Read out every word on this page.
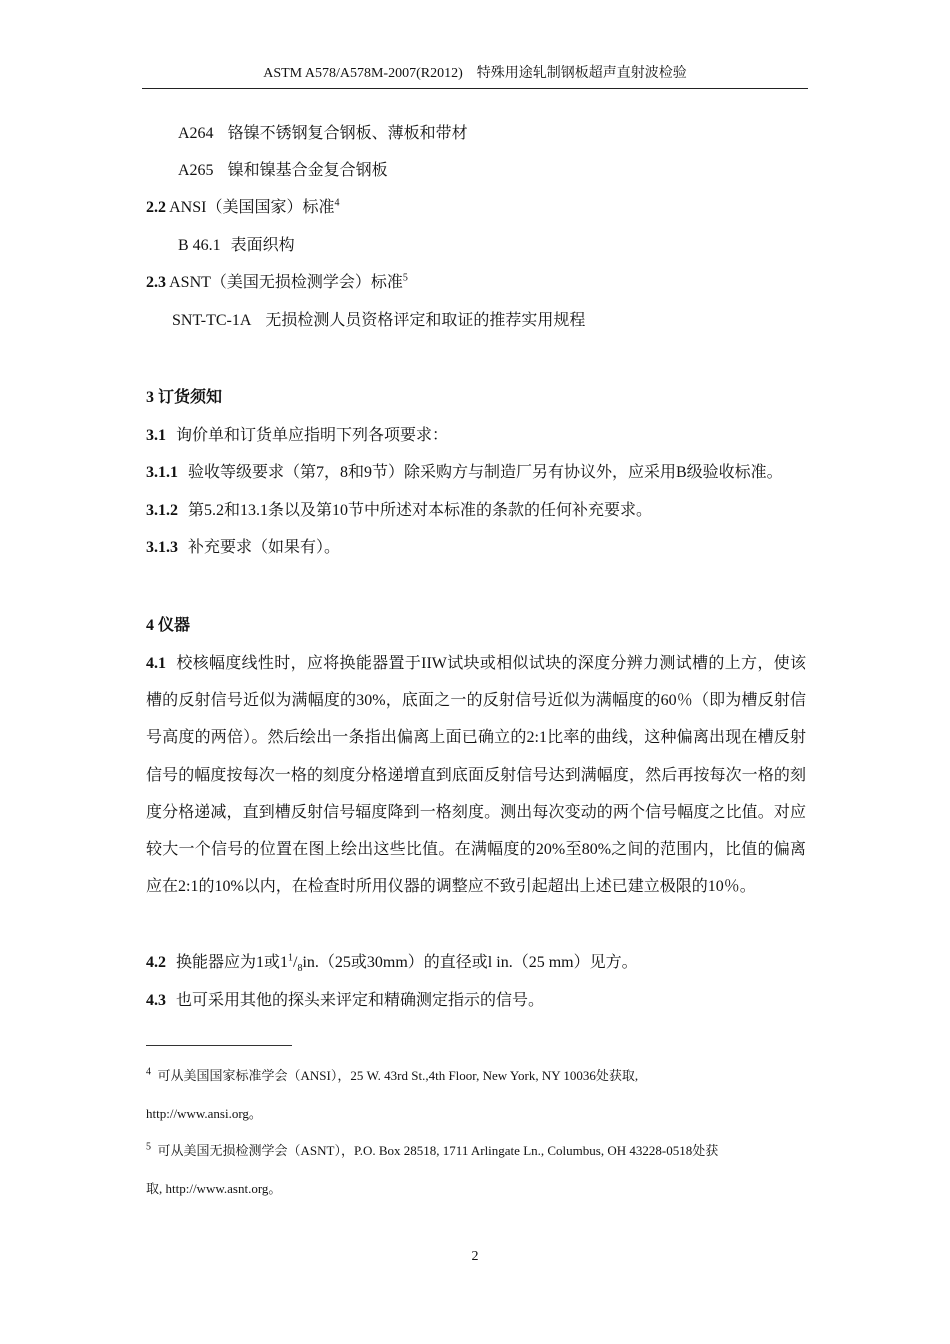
ASTM A578/A578M-2007(R2012) 特殊用途轧制钢板超声直射波检验
A264 铬镍不锈钢复合钢板、薄板和带材
A265 镍和镍基合金复合钢板
2.2 ANSI（美国国家）标准$^4$
B 46.1 表面织构
2.3 ASNT（美国无损检测学会）标准$^5$
SNT-TC-1A 无损检测人员资格评定和取证的推荐实用规程
3 订货须知
3.1 询价单和订货单应指明下列各项要求：
3.1.1 验收等级要求（第7，8和9节）除采购方与制造厂另有协议外，应采用B级验收标准。
3.1.2 第5.2和13.1条以及第10节中所述对本标准的条款的任何补充要求。
3.1.3 补充要求（如果有）。
4 仪器
4.1 校核幅度线性时，应将换能器置于IIW试块或相似试块的深度分辨力测试槽的上方，使该槽的反射信号近似为满幅度的30%，底面之一的反射信号近似为满幅度的60％（即为槽反射信号高度的两倍）。然后绘出一条指出偏离上面已确立的2:1比率的曲线，这种偏离出现在槽反射信号的幅度按每次一格的刻度分格递增直到底面反射信号达到满幅度，然后再按每次一格的刻度分格递减，直到槽反射信号辐度降到一格刻度。测出每次变动的两个信号幅度之比值。对应较大一个信号的位置在图上绘出这些比值。在满幅度的20%至80%之间的范围内，比值的偏离应在2:1的10%以内，在检查时所用仪器的调整应不致引起超出上述已建立极限的10％。
4.2 换能器应为1或$1^1/_8in.(25$或30mm）的直径或l in.（25 mm）见方。
4.3 也可采用其他的探头来评定和精确测定指示的信号。
$^4$ 可从美国国家标准学会（ANSI），25 W. 43rd St.,4th Floor, New York, NY 10036处获取,
http://www.ansi.org。
$^5$ 可从美国无损检测学会（ASNT），P.O. Box 28518, 1711 Arlingate Ln., Columbus, OH 43228-0518处获
取, http://www.asnt.org。
2
